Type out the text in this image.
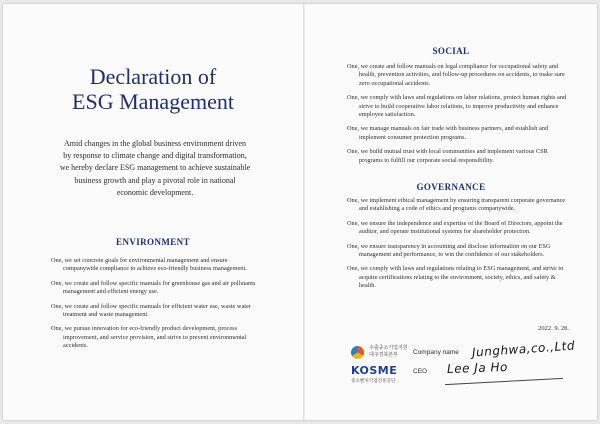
Declaration of
ESG Management
Amid changes in the global business environment driven
by response to climate change and digital transformation,
we hereby declare ESG management to achieve sustainable
business growth and play a pivotal role in national
economic development.
ENVIRONMENT
One, we set concrete goals for environmental management and ensure companywide compliance to achieve eco-friendly business management.
One, we create and follow specific manuals for greenhouse gas and air pollutants management and efficient energy use.
One, we create and follow specific manuals for efficient water use, waste water treatment and waste management.
One, we pursue innovation for eco-friendly product development, process improvement, and service provision, and strive to prevent environmental accidents.
SOCIAL
One, we create and follow manuals on legal compliance for occupational safety and health, prevention activities, and follow-up procedures on accidents, to make sure zero occupational accidents.
One, we comply with laws and regulations on labor relations, protect human rights and strive to build cooperative labor relations, to improve productivity and enhance employee satisfaction.
One, we manage manuals on fair trade with business partners, and establish and implement consumer protection programs.
One, we build mutual trust with local communities and implement various CSR programs to fulfill our corporate social responsibility.
GOVERNANCE
One, we implement ethical management by ensuring transparent corporate governance and establishing a code of ethics and programs companywide.
One, we ensure the independence and expertise of the Board of Directors, appoint the auditor, and operate institutional systems for shareholder protection.
One, we ensure transparency in accounting and disclose information on our ESG management and performance, to win the confidence of our stakeholders.
One, we comply with laws and regulations relating to ESG management, and strive to acquire certifications relating to the environment, society, ethics, and safety & health.
2022. 9. 28.
수출중소기업지원
대구경북본부
KOSME
중소벤처기업진흥공단
Company name Junghwa,co.,Ltd
CEO Lee Ja Ho
